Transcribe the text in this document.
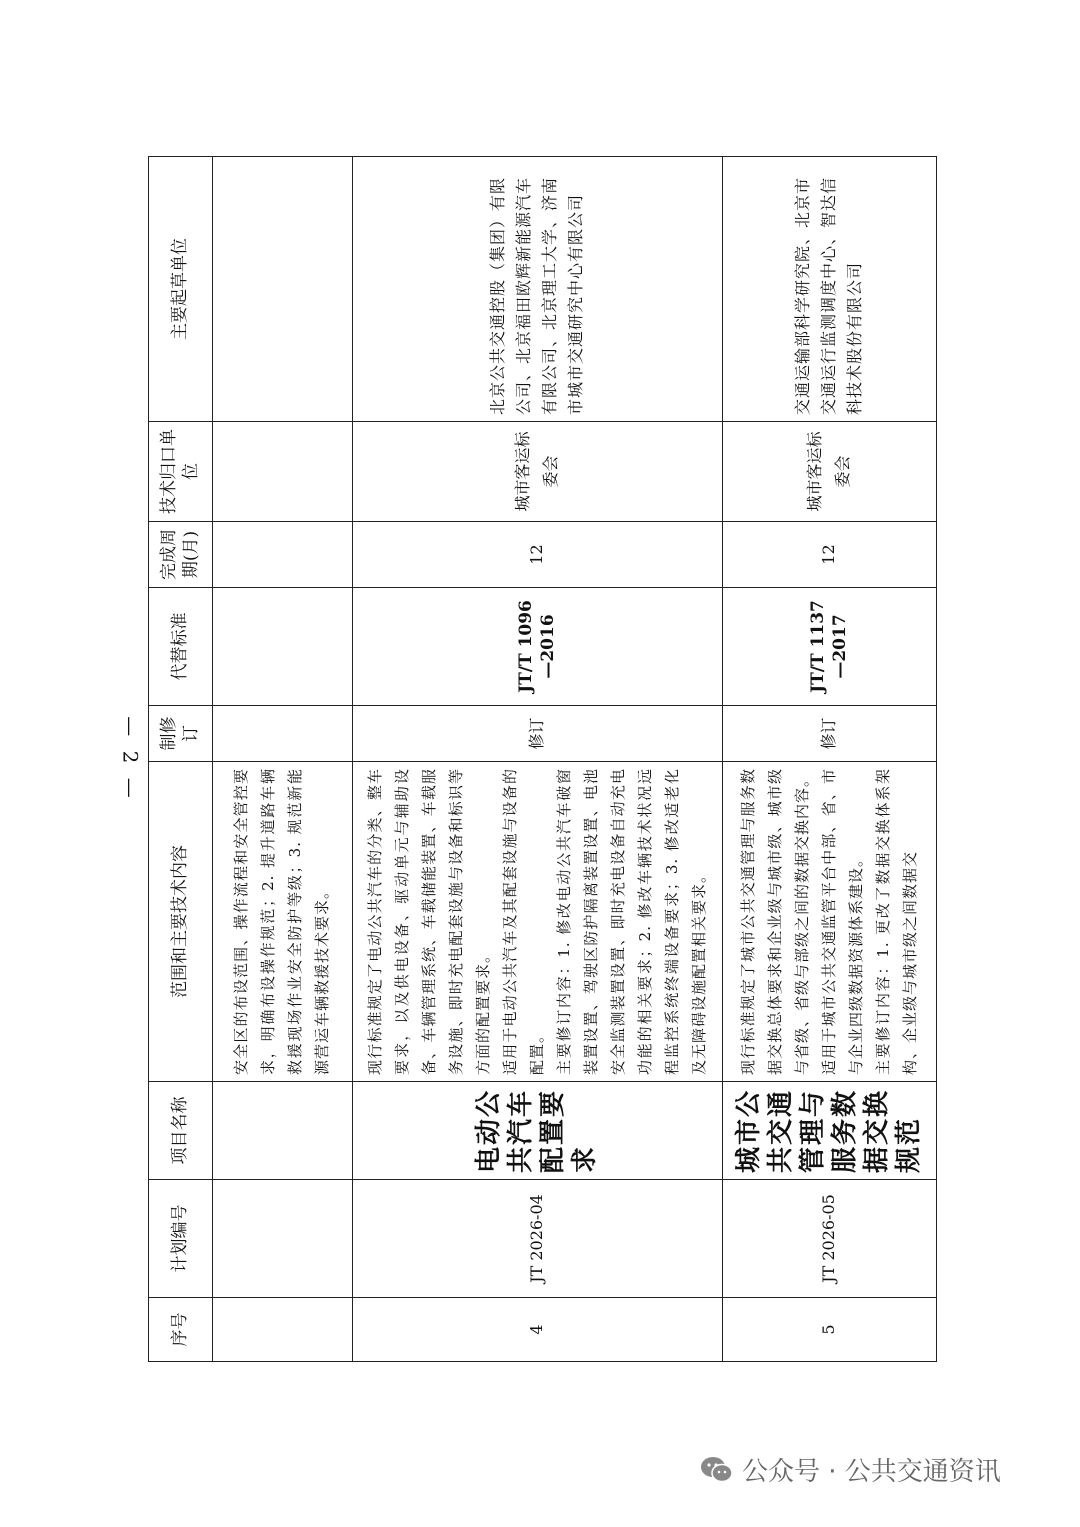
序号	计划编号	项目名称	范围和主要技术内容	制修订	代替标准	完成周期(月)	技术归口单位	主要起草单位
			安全区的布设范围、操作流程和安全管控要求，明确布设操作规范；2. 提升道路车辆救援现场作业安全防护等级；3. 规范新能源营运车辆救援技术要求。					
4	JT 2026-04	电动公共汽车配置要求	现行标准规定了电动公共汽车的分类、整车要求，以及供电设备、驱动单元与辅助设备、车辆管理系统、车载储能装置、车载服务设施、即时充电配套设施与设备和标识等方面的配置要求。
适用于电动公共汽车及其配套设施与设备的配置。
主要修订内容：1. 修改电动公共汽车破窗装置设置、驾驶区防护隔离装置设置、电池安全监测装置设置、即时充电设备自动充电功能的相关要求；2. 修改车辆技术状况远程监控系统终端设备要求；3. 修改适老化及无障碍设施配置相关要求。	修订	JT/T 1096—2016	12	城市客运标委会	北京公共交通控股（集团）有限公司、北京福田欧辉新能源汽车有限公司、北京理工大学、济南市城市交通研究中心有限公司
5	JT 2026-05	城市公共交通管理与服务数据交换规范	现行标准规定了城市公共交通管理与服务数据交换总体要求和企业级与城市级、城市级与省级、省级与部级之间的数据交换内容。
适用于城市公共交通监管平台中部、省、市与企业四级数据资源体系建设。
主要修订内容：1. 更改了数据交换体系架构、企业级与城市级之间数据交	修订	JT/T 1137—2017	12	城市客运标委会	交通运输部科学研究院、北京市交通运行监测调度中心、智达信科技术股份有限公司
— 2 —
公众号 · 公共交通资讯
